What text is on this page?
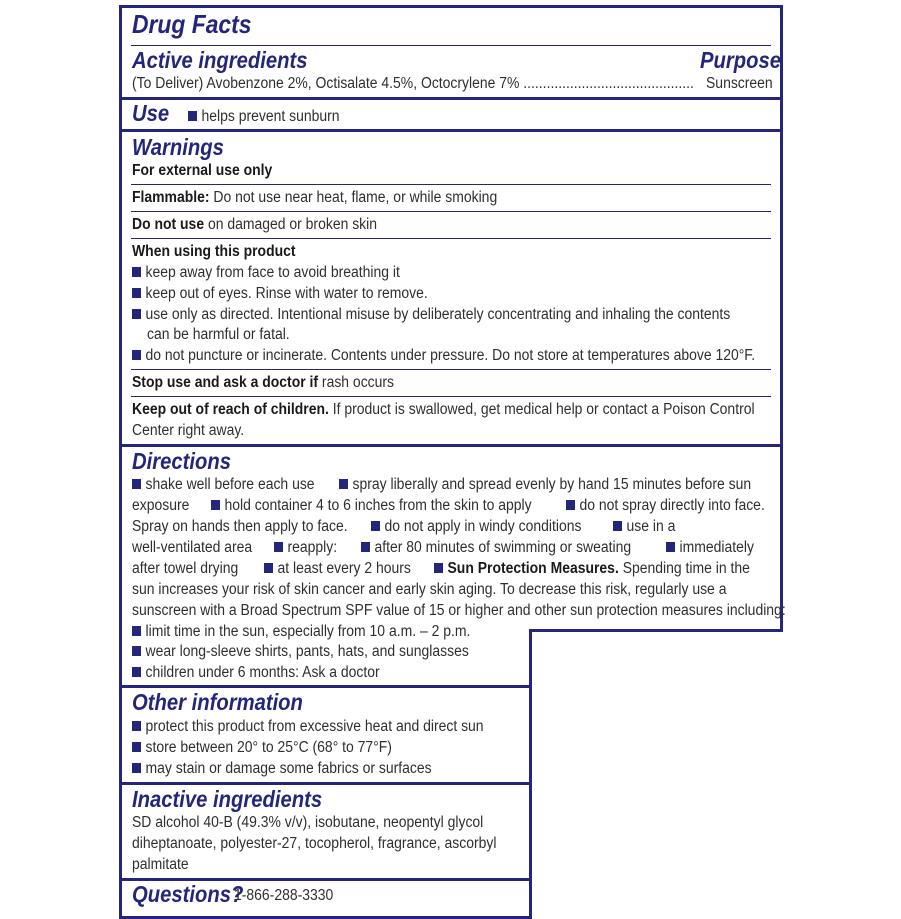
Drug Facts
Active ingredients	Purpose
(To Deliver) Avobenzone 2%, Octisalate 4.5%, Octocrylene 7% ............................................ Sunscreen
Use	helps prevent sunburn
Warnings
For external use only
Flammable: Do not use near heat, flame, or while smoking
Do not use on damaged or broken skin
When using this product
keep away from face to avoid breathing it
keep out of eyes. Rinse with water to remove.
use only as directed. Intentional misuse by deliberately concentrating and inhaling the contents
can be harmful or fatal.
do not puncture or incinerate. Contents under pressure. Do not store at temperatures above 120°F.
Stop use and ask a doctor if rash occurs
Keep out of reach of children. If product is swallowed, get medical help or contact a Poison Control
Center right away.
Directions
shake well before each use	spray liberally and spread evenly by hand 15 minutes before sun
exposure	hold container 4 to 6 inches from the skin to apply	do not spray directly into face.
Spray on hands then apply to face.	do not apply in windy conditions	use in a
well-ventilated area	reapply:	after 80 minutes of swimming or sweating	immediately
after towel drying	at least every 2 hours	Sun Protection Measures. Spending time in the
sun increases your risk of skin cancer and early skin aging. To decrease this risk, regularly use a
sunscreen with a Broad Spectrum SPF value of 15 or higher and other sun protection measures including:
limit time in the sun, especially from 10 a.m. – 2 p.m.
wear long-sleeve shirts, pants, hats, and sunglasses
children under 6 months: Ask a doctor
Other information
protect this product from excessive heat and direct sun
store between 20° to 25°C (68° to 77°F)
may stain or damage some fabrics or surfaces
Inactive ingredients
SD alcohol 40-B (49.3% v/v), isobutane, neopentyl glycol
diheptanoate, polyester-27, tocopherol, fragrance, ascorbyl
palmitate
Questions?
1-866-288-3330
